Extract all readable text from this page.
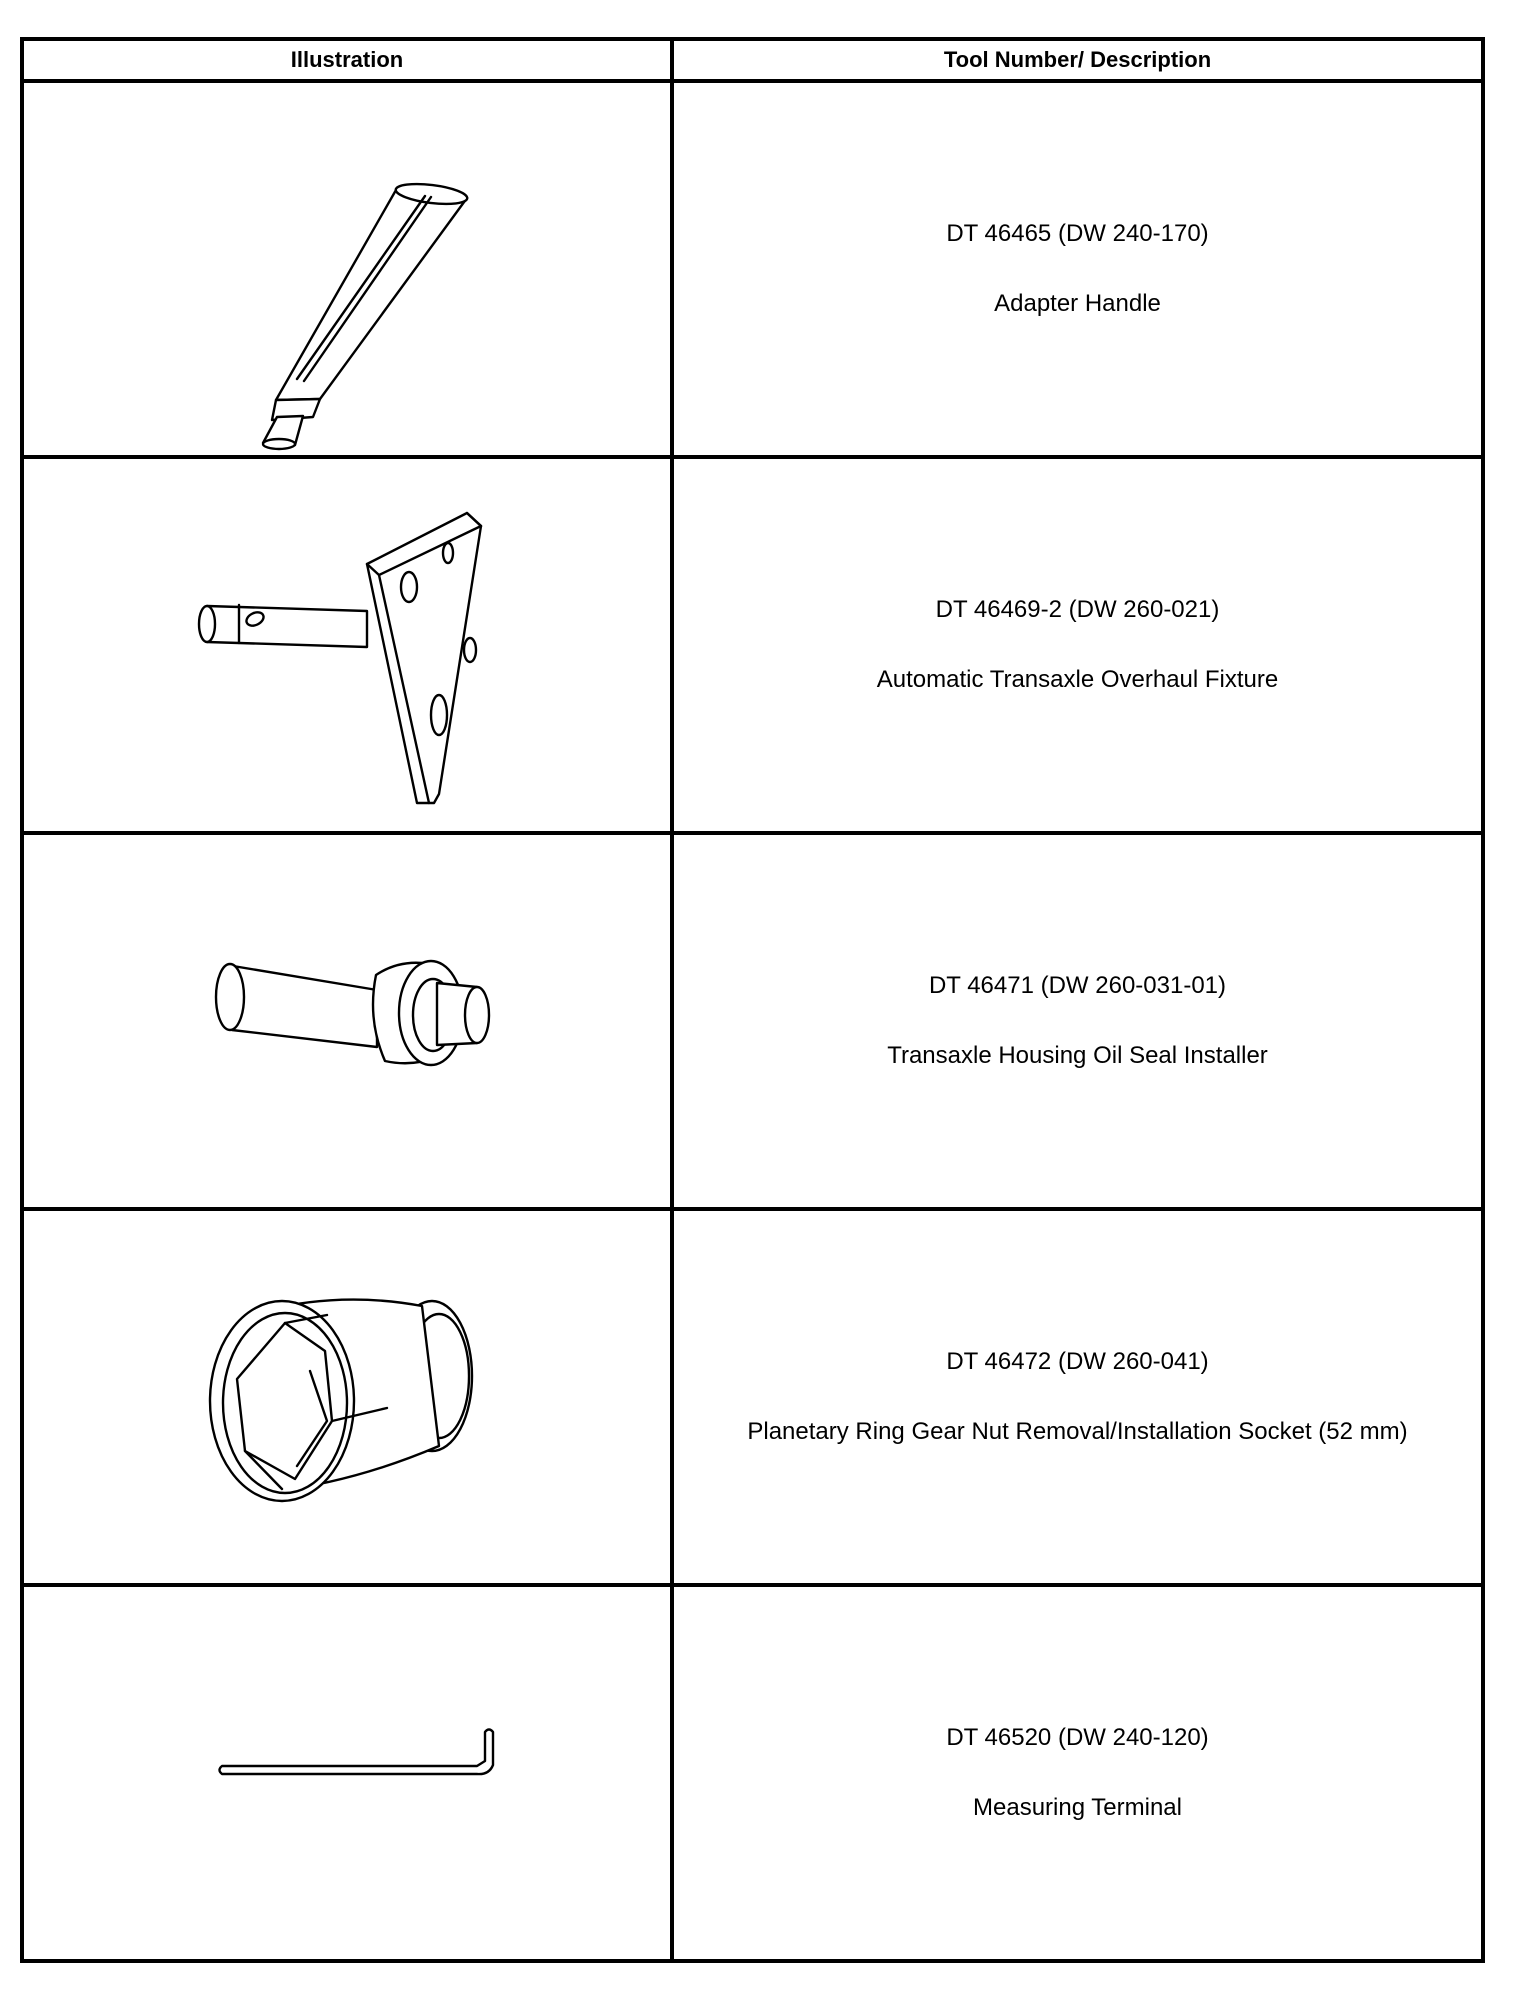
Illustration	Tool Number/ Description

DT 46465 (DW 240-170)
Adapter Handle

DT 46469-2 (DW 260-021)
Automatic Transaxle Overhaul Fixture

DT 46471 (DW 260-031-01)
Transaxle Housing Oil Seal Installer

DT 46472 (DW 260-041)
Planetary Ring Gear Nut Removal/Installation Socket (52 mm)

DT 46520 (DW 240-120)
Measuring Terminal
